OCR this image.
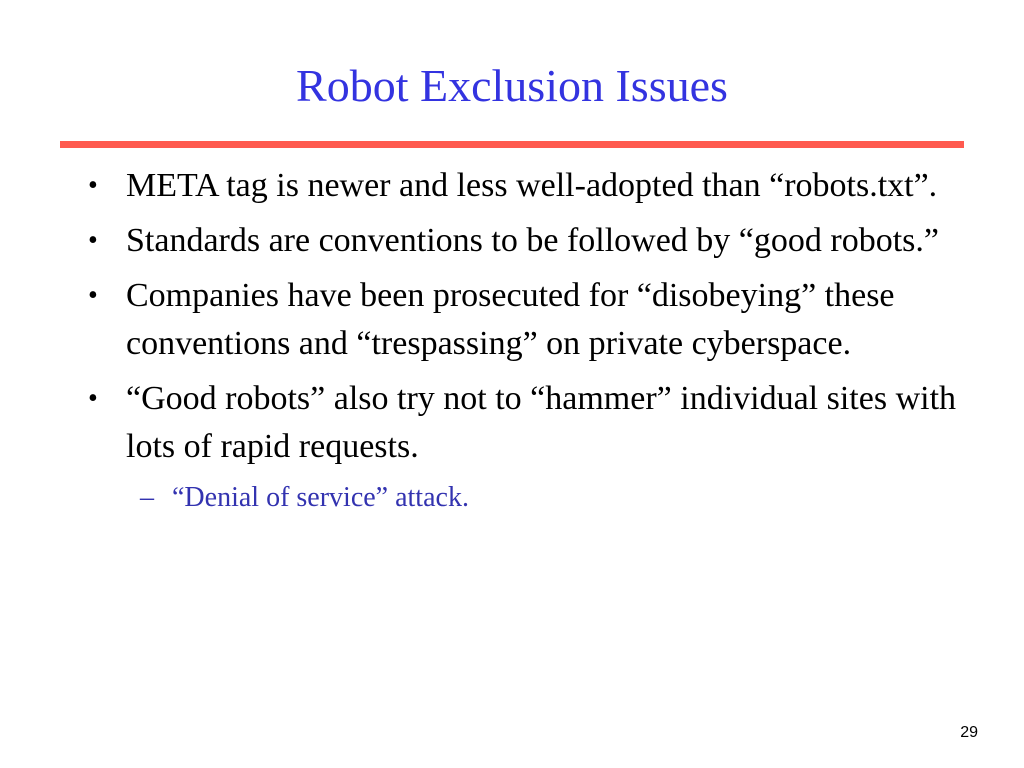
Robot Exclusion Issues
• META tag is newer and less well-adopted than “robots.txt”.
• Standards are conventions to be followed by “good robots.”
• Companies have been prosecuted for “disobeying” these conventions and “trespassing” on private cyberspace.
• “Good robots” also try not to “hammer” individual sites with lots of rapid requests.
– “Denial of service” attack.
29
